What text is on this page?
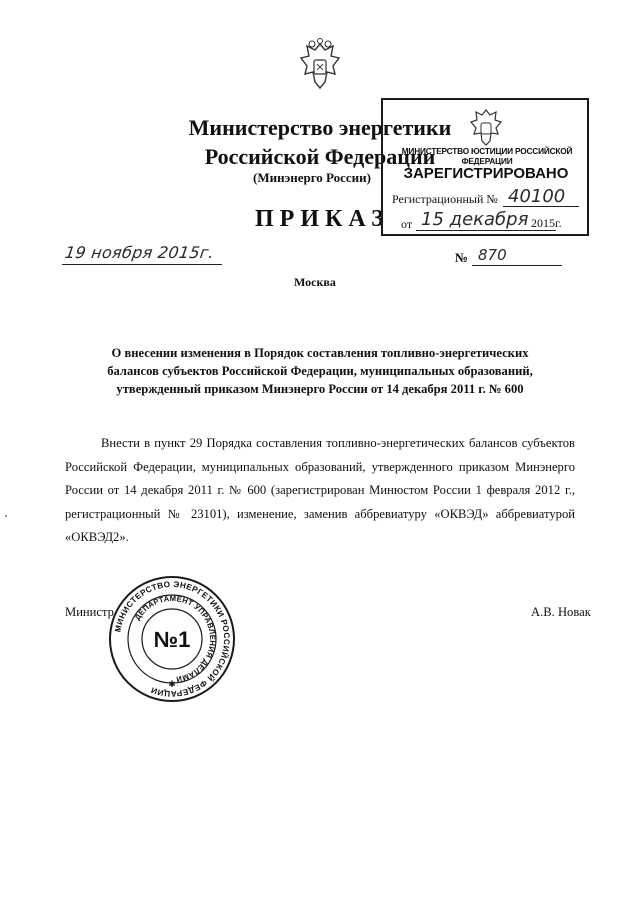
Министерство энергетики
Российской Федерации
(Минэнерго России)
ПРИКАЗ
19 ноября 2015г.	№ 870
Москва
МИНИСТЕРСТВО ЮСТИЦИИ РОССИЙСКОЙ ФЕДЕРАЦИИ
ЗАРЕГИСТРИРОВАНО
Регистрационный № 40100
от 15 декабря 2015г.
О внесении изменения в Порядок составления топливно-энергетических
балансов субъектов Российской Федерации, муниципальных образований,
утвержденный приказом Минэнерго России от 14 декабря 2011 г. № 600
Внести в пункт 29 Порядка составления топливно-энергетических балансов субъектов Российской Федерации, муниципальных образований, утвержденного приказом Минэнерго России от 14 декабря 2011 г. № 600 (зарегистрирован Минюстом России 1 февраля 2012 г., регистрационный № 23101), изменение, заменив аббревиатуру «ОКВЭД» аббревиатурой «ОКВЭД2».
Министр	А.В. Новак
МИНИСТЕРСТВО ЭНЕРГЕТИКИ РОССИЙСКОЙ ФЕДЕРАЦИИ
ДЕПАРТАМЕНТ УПРАВЛЕНИЯ ДЕЛАМИ
№1
✱
